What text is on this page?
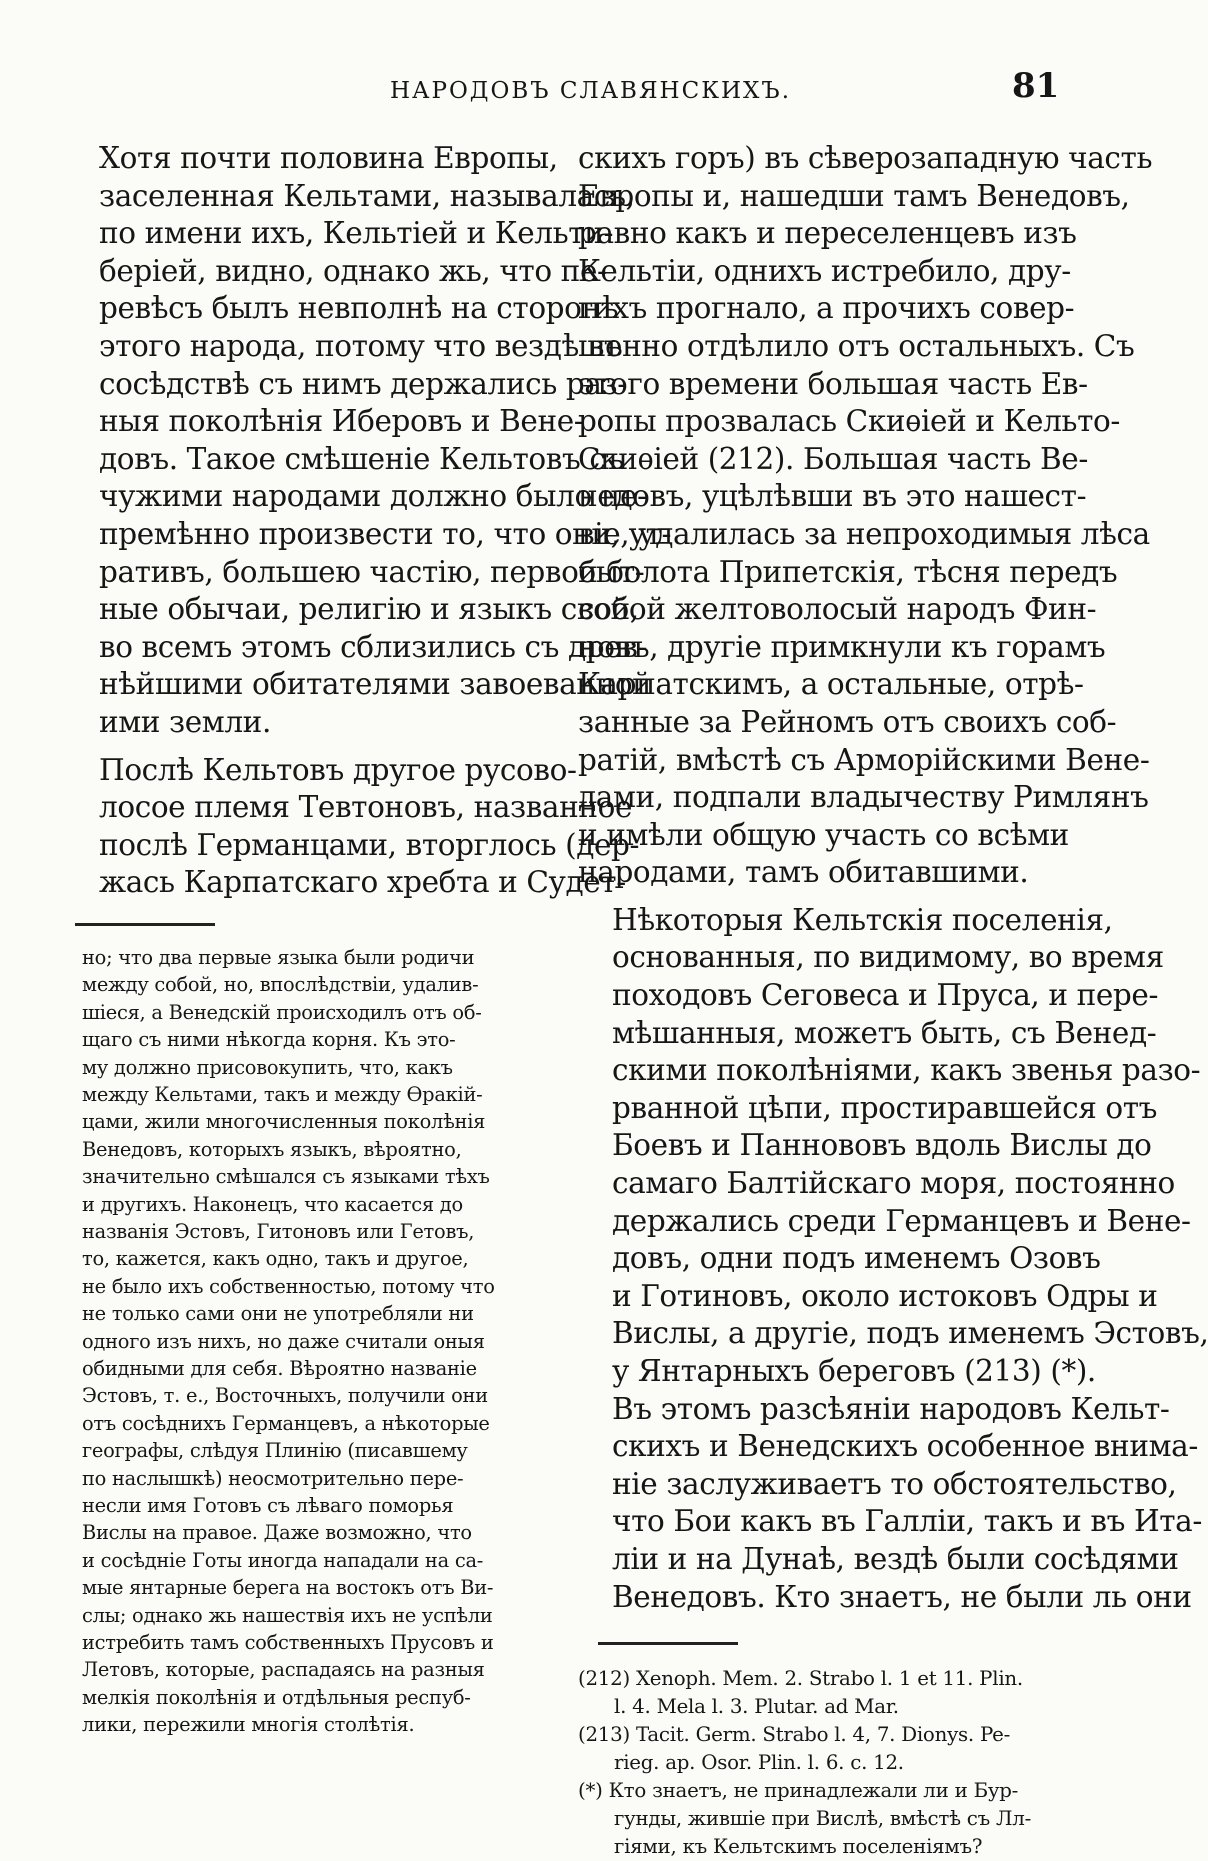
НАРОДОВЪ СЛАВЯНСКИХЪ.	81

Хотя почти половина Европы,
заселенная Кельтами, называлась,
по имени ихъ, Кельтіей и Кельти-
беріей, видно, однако жь, что пе-
ревѣсъ былъ невполнѣ на сторонѣ
этого народа, потому что вездѣ въ
сосѣдствѣ съ нимъ держались раз-
ныя поколѣнія Иберовъ и Вене-
довъ. Такое смѣшеніе Кельтовъ съ
чужими народами должно было не-
премѣнно произвести то, что они, ут-
ративъ, большею частію, первобыт-
ные обычаи, религію и языкъ свой,
во всемъ этомъ сблизились съ древ-
нѣйшими обитателями завоеванной
ими земли.

Послѣ Кельтовъ другое русово-
лосое племя Тевтоновъ, названное
послѣ Германцами, вторглось (дер-
жась Карпатскаго хребта и Судет-

но; что два первые языка были родичи
между собой, но, впослѣдствіи, удалив-
шіеся, а Венедскій происходилъ отъ об-
щаго съ ними нѣкогда корня. Къ это-
му должно присовокупить, что, какъ
между Кельтами, такъ и между Ѳракій-
цами, жили многочисленныя поколѣнія
Венедовъ, которыхъ языкъ, вѣроятно,
значительно смѣшался съ языками тѣхъ
и другихъ. Наконецъ, что касается до
названія Эстовъ, Гитоновъ или Гетовъ,
то, кажется, какъ одно, такъ и другое,
не было ихъ собственностью, потому что
не только сами они не употребляли ни
одного изъ нихъ, но даже считали оныя
обидными для себя. Вѣроятно названіе
Эстовъ, т. е., Восточныхъ, получили они
отъ сосѣднихъ Германцевъ, а нѣкоторые
географы, слѣдуя Плинію (писавшему
по наслышкѣ) неосмотрительно пере-
несли имя Готовъ съ лѣваго поморья
Вислы на правое. Даже возможно, что
и сосѣдніе Готы иногда нападали на са-
мые янтарные берега на востокъ отъ Ви-
слы; однако жь нашествія ихъ не успѣли
истребить тамъ собственныхъ Прусовъ и
Летовъ, которые, распадаясь на разныя
мелкія поколѣнія и отдѣльныя респуб-
лики, пережили многія столѣтія.

скихъ горъ) въ сѣверозападную часть
Европы и, нашедши тамъ Венедовъ,
равно какъ и переселенцевъ изъ
Кельтіи, однихъ истребило, дру-
гихъ прогнало, а прочихъ совер-
шенно отдѣлило отъ остальныхъ. Съ
этого времени большая часть Ев-
ропы прозвалась Скиѳіей и Кельто-
Скиѳіей (212). Большая часть Ве-
недовъ, уцѣлѣвши въ это нашест-
віе, удалилась за непроходимыя лѣса
и болота Припетскія, тѣсня передъ
собой желтоволосый народъ Фин-
новъ, другіе примкнули къ горамъ
Карпатскимъ, а остальные, отрѣ-
занные за Рейномъ отъ своихъ соб-
ратій, вмѣстѣ съ Арморійскими Вене-
дами, подпали владычеству Римлянъ
и имѣли общую участь со всѣми
народами, тамъ обитавшими.

Нѣкоторыя Кельтскія поселенія,
основанныя, по видимому, во время
походовъ Сеговеса и Пруса, и пере-
мѣшанныя, можетъ быть, съ Венед-
скими поколѣніями, какъ звенья разо-
рванной цѣпи, простиравшейся отъ
Боевъ и Паннововъ вдоль Вислы до
самаго Балтійскаго моря, постоянно
держались среди Германцевъ и Вене-
довъ, одни подъ именемъ Озовъ
и Готиновъ, около истоковъ Одры и
Вислы, а другіе, подъ именемъ Эстовъ,
у Янтарныхъ береговъ (213) (*).

Въ этомъ разсѣяніи народовъ Кельт-
скихъ и Венедскихъ особенное внима-
ніе заслуживаетъ то обстоятельство,
что Бои какъ въ Галліи, такъ и въ Ита-
ліи и на Дунаѣ, вездѣ были сосѣдями
Венедовъ. Кто знаетъ, не были ль они

(212) Xenoph. Mem. 2. Strabo l. 1 et 11. Plin.
l. 4. Mela l. 3. Plutar. ad Mar.

(213) Tacit. Germ. Strabo l. 4, 7. Dionys. Pe-
rieg. ap. Osor. Plin. l. 6. c. 12.

(*) Кто знаетъ, не принадлежали ли и Бур-
гунды, жившіе при Вислѣ, вмѣстѣ съ Лл-
гіями, къ Кельтскимъ поселеніямъ?
